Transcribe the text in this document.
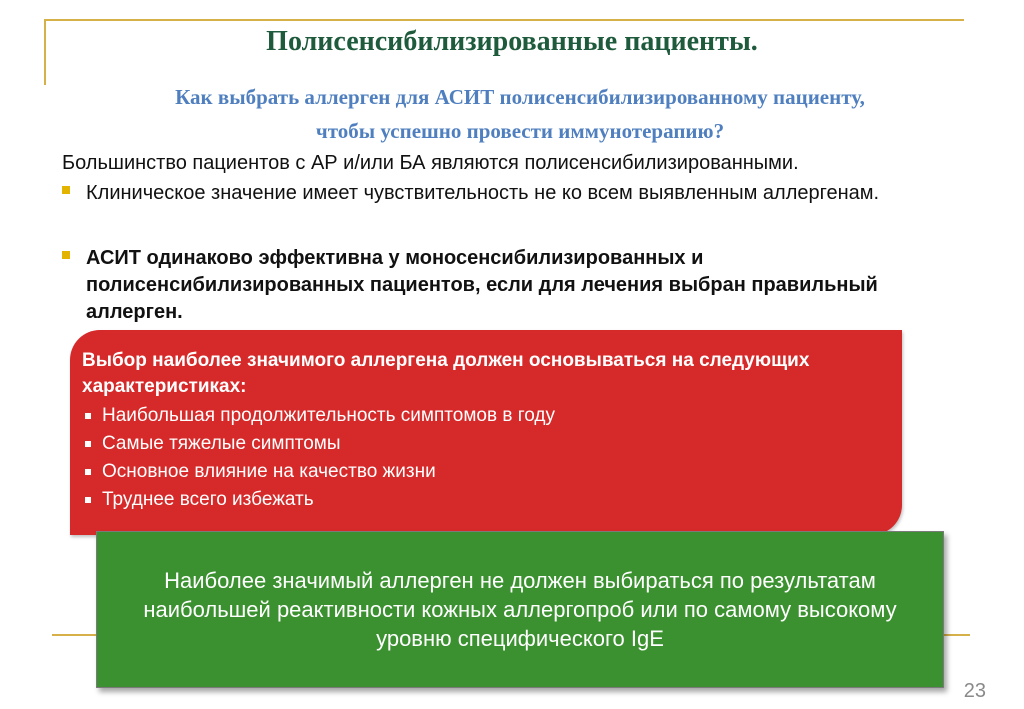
Полисенсибилизированные пациенты.
Как выбрать аллерген для АСИТ полисенсибилизированному пациенту,
чтобы успешно провести иммунотерапию?

Большинство пациентов с АР и/или БА являются полисенсибилизированными.

Клиническое значение имеет чувствительность не ко всем выявленным аллергенам.
АСИТ одинаково эффективна у моносенсибилизированных и полисенсибилизированных пациентов, если для лечения выбран правильный аллерген.

Выбор наиболее значимого аллергена должен основываться на следующих характеристиках:

Наибольшая продолжительность симптомов в году
Самые тяжелые симптомы
Основное влияние на качество жизни
Труднее всего избежать

Наиболее значимый аллерген не должен выбираться по результатам наибольшей реактивности кожных аллергопроб или по самому высокому уровню специфического IgE

23
